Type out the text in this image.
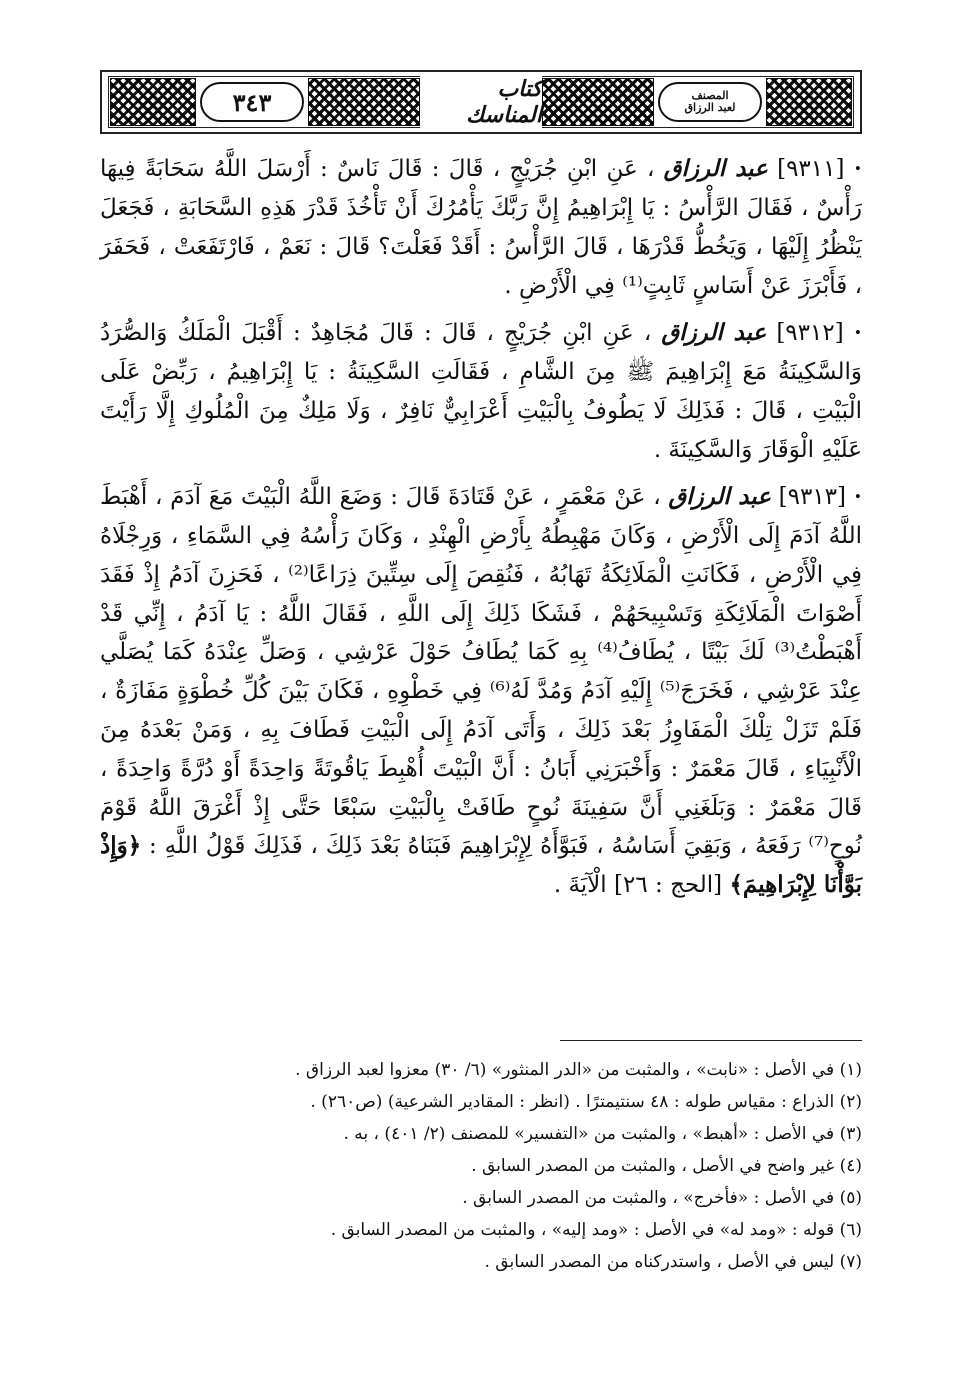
٣٤٣	كتاب المناسك
المصنف
لعبد الرزاق

• [٩٣١١] عبد الرزاق ، عَنِ ابْنِ جُرَيْجٍ ، قَالَ : قَالَ نَاسٌ : أَرْسَلَ اللَّهُ سَحَابَةً فِيهَا رَأْسٌ ، فَقَالَ الرَّأْسُ : يَا إِبْرَاهِيمُ إِنَّ رَبَّكَ يَأْمُرُكَ أَنْ تَأْخُذَ قَدْرَ هَذِهِ السَّحَابَةِ ، فَجَعَلَ يَنْظُرُ إِلَيْهَا ، وَيَخُطُّ قَدْرَهَا ، قَالَ الرَّأْسُ : أَقَدْ فَعَلْتَ؟ قَالَ : نَعَمْ ، فَارْتَفَعَتْ ، فَحَفَرَ ، فَأَبْرَزَ عَنْ أَسَاسٍ ثَابِتٍ⁽¹⁾ فِي الْأَرْضِ .

• [٩٣١٢] عبد الرزاق ، عَنِ ابْنِ جُرَيْجٍ ، قَالَ : قَالَ مُجَاهِدٌ : أَقْبَلَ الْمَلَكُ وَالصُّرَدُ وَالسَّكِينَةُ مَعَ إِبْرَاهِيمَ ﷺ مِنَ الشَّامِ ، فَقَالَتِ السَّكِينَةُ : يَا إِبْرَاهِيمُ ، رَبِّضْ عَلَى الْبَيْتِ ، قَالَ : فَذَلِكَ لَا يَطُوفُ بِالْبَيْتِ أَعْرَابِيٌّ نَافِرٌ ، وَلَا مَلِكٌ مِنَ الْمُلُوكِ إِلَّا رَأَيْتَ عَلَيْهِ الْوَقَارَ وَالسَّكِينَةَ .

• [٩٣١٣] عبد الرزاق ، عَنْ مَعْمَرٍ ، عَنْ قَتَادَةَ قَالَ : وَضَعَ اللَّهُ الْبَيْتَ مَعَ آدَمَ ، أَهْبَطَ اللَّهُ آدَمَ إِلَى الْأَرْضِ ، وَكَانَ مَهْبِطُهُ بِأَرْضِ الْهِنْدِ ، وَكَانَ رَأْسُهُ فِي السَّمَاءِ ، وَرِجْلَاهُ فِي الْأَرْضِ ، فَكَانَتِ الْمَلَائِكَةُ تَهَابُهُ ، فَنُقِصَ إِلَى سِتِّينَ ذِرَاعًا⁽²⁾ ، فَحَزِنَ آدَمُ إِذْ فَقَدَ أَصْوَاتَ الْمَلَائِكَةِ وَتَسْبِيحَهُمْ ، فَشَكَا ذَلِكَ إِلَى اللَّهِ ، فَقَالَ اللَّهُ : يَا آدَمُ ، إِنِّي قَدْ أَهْبَطْتُ⁽³⁾ لَكَ بَيْتًا ، يُطَافُ⁽⁴⁾ بِهِ كَمَا يُطَافُ حَوْلَ عَرْشِي ، وَصَلِّ عِنْدَهُ كَمَا يُصَلَّي عِنْدَ عَرْشِي ، فَخَرَجَ⁽⁵⁾ إِلَيْهِ آدَمُ وَمُدَّ لَهُ⁽⁶⁾ فِي خَطْوِهِ ، فَكَانَ بَيْنَ كُلِّ خُطْوَةٍ مَفَازَةٌ ، فَلَمْ تَزَلْ تِلْكَ الْمَفَاوِزُ بَعْدَ ذَلِكَ ، وَأَتَى آدَمُ إِلَى الْبَيْتِ فَطَافَ بِهِ ، وَمَنْ بَعْدَهُ مِنَ الْأَنْبِيَاءِ ، قَالَ مَعْمَرٌ : وَأَخْبَرَنِي أَبَانُ : أَنَّ الْبَيْتَ أُهْبِطَ يَاقُوتَةً وَاحِدَةً أَوْ دُرَّةً وَاحِدَةً ، قَالَ مَعْمَرٌ : وَبَلَغَنِي أَنَّ سَفِينَةَ نُوحٍ طَافَتْ بِالْبَيْتِ سَبْعًا حَتَّى إِذْ أَغْرَقَ اللَّهُ قَوْمَ نُوحٍ⁽⁷⁾ رَفَعَهُ ، وَبَقِيَ أَسَاسُهُ ، فَبَوَّأَهُ لِإِبْرَاهِيمَ فَبَنَاهُ بَعْدَ ذَلِكَ ، فَذَلِكَ قَوْلُ اللَّهِ : ﴿وَإِذْ بَوَّأْنَا لِإِبْرَاهِيمَ﴾ [الحج : ٢٦] الْآيَةَ .

(١) في الأصل : «نابت» ، والمثبت من «الدر المنثور» (٦/ ٣٠) معزوا لعبد الرزاق .

(٢) الذراع : مقياس طوله : ٤٨ سنتيمترًا . (انظر : المقادير الشرعية) (ص٢٦٠) .

(٣) في الأصل : «أهبط» ، والمثبت من «التفسير» للمصنف (٢/ ٤٠١) ، به .

(٤) غير واضح في الأصل ، والمثبت من المصدر السابق .

(٥) في الأصل : «فأخرج» ، والمثبت من المصدر السابق .

(٦) قوله : «ومد له» في الأصل : «ومد إليه» ، والمثبت من المصدر السابق .

(٧) ليس في الأصل ، واستدركناه من المصدر السابق .
